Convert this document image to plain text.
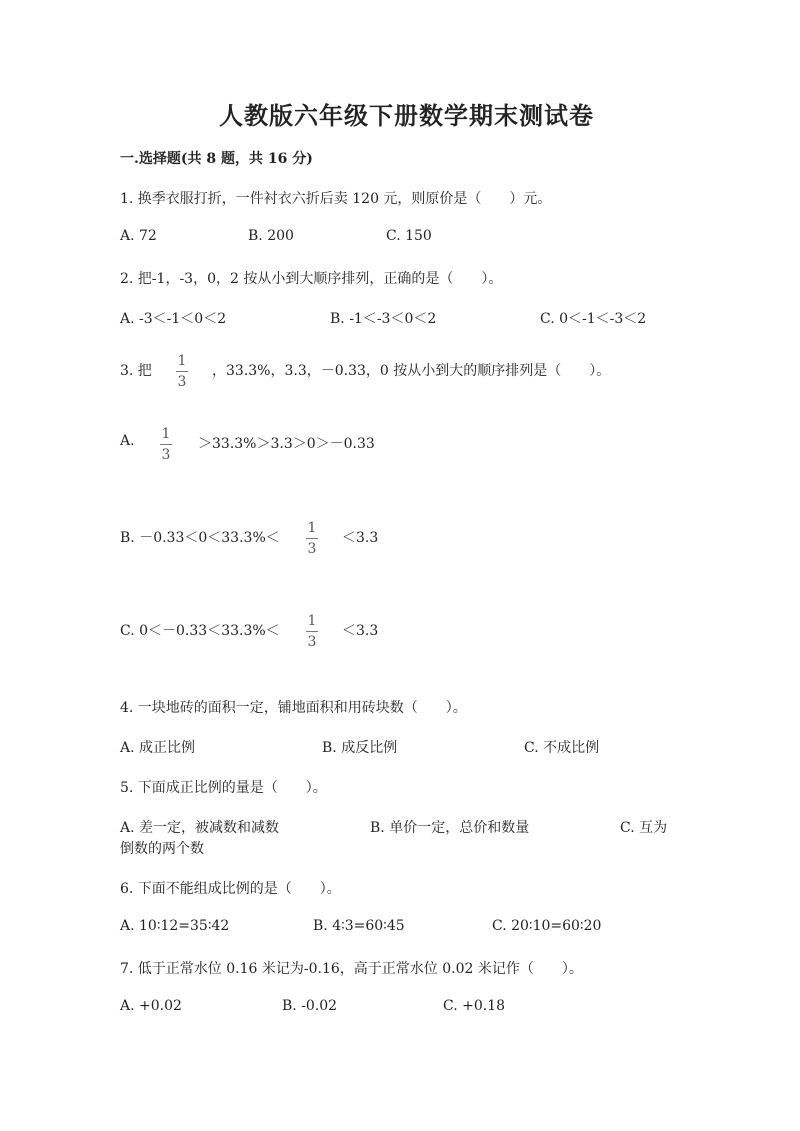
人教版六年级下册数学期末测试卷
一.选择题(共 8 题，共 16 分)
1. 换季衣服打折，一件衬衣六折后卖 120 元，则原价是（　　）元。
A. 72	B. 200	C. 150
2. 把-1，-3，0，2 按从小到大顺序排列，正确的是（　　）。
A. -3＜-1＜0＜2	B. -1＜-3＜0＜2	C. 0＜-1＜-3＜2
3. 把
1
3
，33.3%，3.3，－0.33，0 按从小到大的顺序排列是（　　）。
A. 1
3
＞33.3%＞3.3＞0＞－0.33
B. －0.33＜0＜33.3%＜
1
3
＜3.3
C. 0＜－0.33＜33.3%＜
1
3
＜3.3
4. 一块地砖的面积一定，铺地面积和用砖块数（　　）。
A. 成正比例	B. 成反比例	C. 不成比例
5. 下面成正比例的量是（　　）。
A. 差一定，被减数和减数	B. 单价一定，总价和数量	C. 互为
倒数的两个数
6. 下面不能组成比例的是（　　）。
A. 10∶12=35∶42	B. 4∶3=60∶45	C. 20∶10=60∶20
7. 低于正常水位 0.16 米记为-0.16，高于正常水位 0.02 米记作（　　）。
A. +0.02	B. -0.02	C. +0.18
